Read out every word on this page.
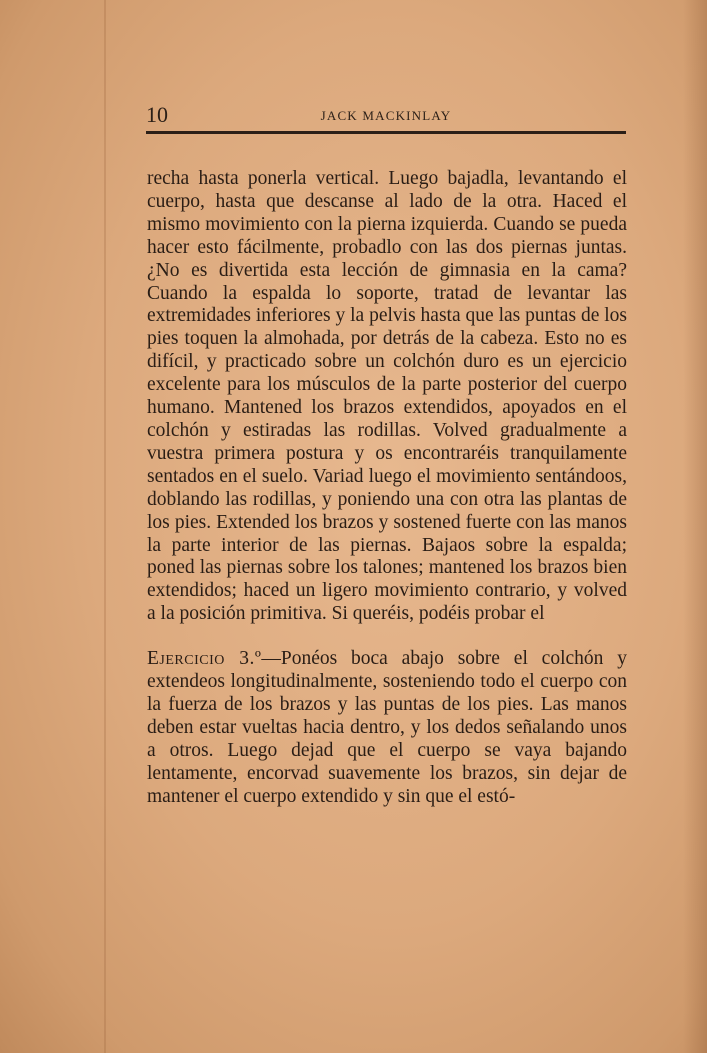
10	JACK MACKINLAY

recha hasta ponerla vertical. Luego bajadla, levantando el cuerpo, hasta que descanse al lado de la otra. Haced el mismo movimiento con la pierna izquierda. Cuando se pueda hacer esto fácilmente, probadlo con las dos piernas juntas. ¿No es divertida esta lección de gimnasia en la cama? Cuando la espalda lo soporte, tratad de levantar las extremidades inferiores y la pelvis hasta que las puntas de los pies toquen la almohada, por detrás de la cabeza. Esto no es difícil, y practicado sobre un colchón duro es un ejercicio excelente para los músculos de la parte posterior del cuerpo humano. Mantened los brazos extendidos, apoyados en el colchón y estiradas las rodillas. Volved gradualmente a vuestra primera postura y os encontraréis tranquilamente sentados en el suelo. Variad luego el movimiento sentándoos, doblando las rodillas, y poniendo una con otra las plantas de los pies. Extended los brazos y sostened fuerte con las manos la parte interior de las piernas. Bajaos sobre la espalda; poned las piernas sobre los talones; mantened los brazos bien extendidos; haced un ligero movimiento contrario, y volved a la posición primitiva. Si queréis, podéis probar el

Ejercicio 3.º—Ponéos boca abajo sobre el colchón y extendeos longitudinalmente, sosteniendo todo el cuerpo con la fuerza de los brazos y las puntas de los pies. Las manos deben estar vueltas hacia dentro, y los dedos señalando unos a otros. Luego dejad que el cuerpo se vaya bajando lentamente, encorvad suavemente los brazos, sin dejar de mantener el cuerpo extendido y sin que el estó-
